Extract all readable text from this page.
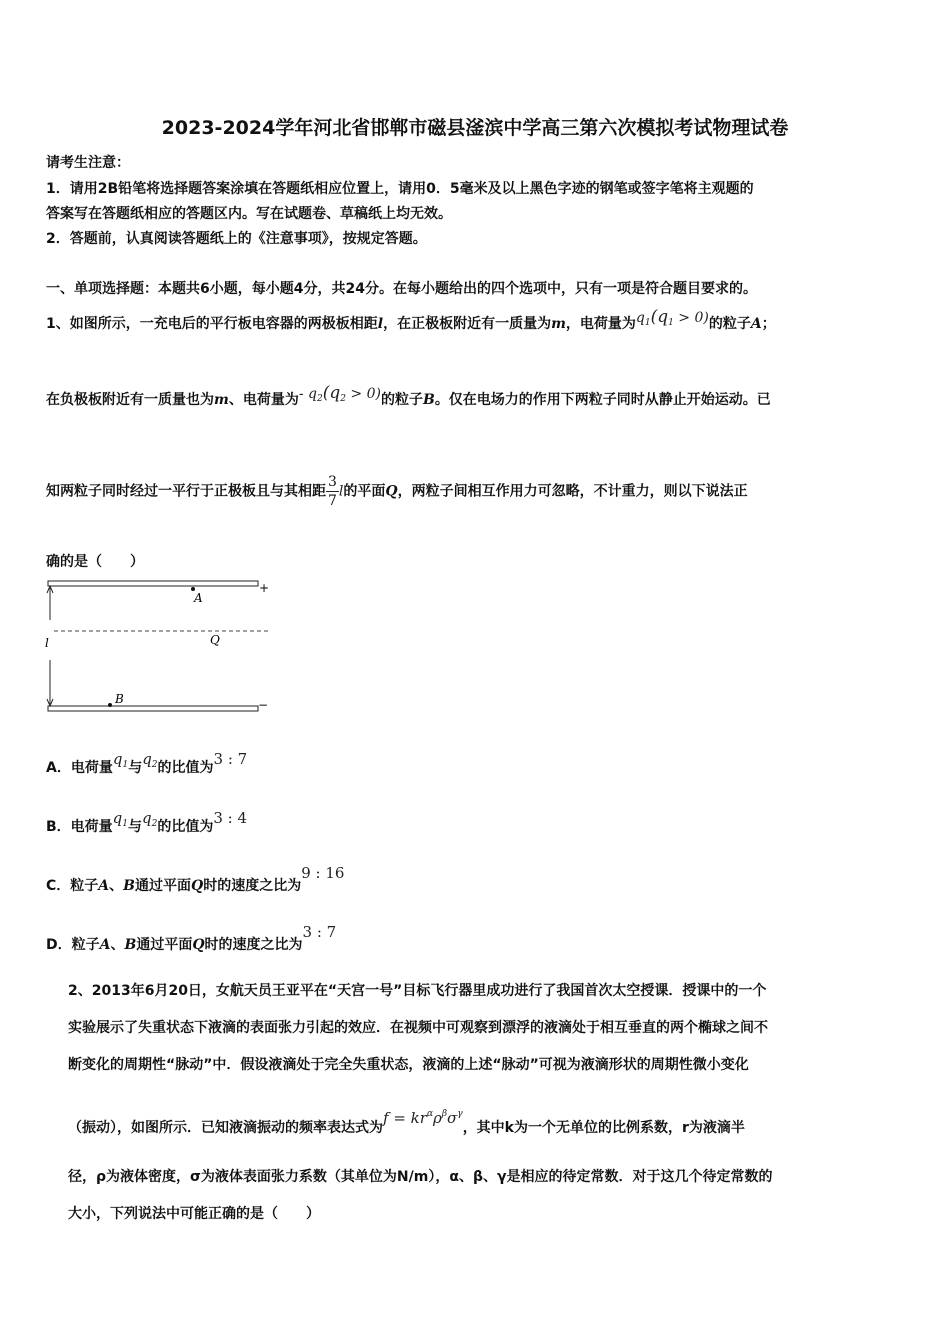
2023-2024学年河北省邯郸市磁县滏滨中学高三第六次模拟考试物理试卷
请考生注意：
1．请用2B铅笔将选择题答案涂填在答题纸相应位置上，请用0．5毫米及以上黑色字迹的钢笔或签字笔将主观题的
答案写在答题纸相应的答题区内。写在试题卷、草稿纸上均无效。
2．答题前，认真阅读答题纸上的《注意事项》，按规定答题。
一、单项选择题：本题共6小题，每小题4分，共24分。在每小题给出的四个选项中，只有一项是符合题目要求的。
1、如图所示，一充电后的平行板电容器的两极板相距l，在正极板附近有一质量为m，电荷量为$q_1(q_1 > 0)$的粒子A；
在负极板附近有一质量也为m、电荷量为- $q_2(q_2 > 0)$的粒子B。仅在电场力的作用下两粒子同时从静止开始运动。已
知两粒子同时经过一平行于正极板且与其相距 $\frac{3}{7}$ l的平面Q，两粒子间相互作用力可忽略，不计重力，则以下说法正
确的是（　　）
+
−
Q
l
A
B
A．电荷量$q_1$与$q_2$的比值为3 : 7
B．电荷量$q_1$与$q_2$的比值为3 : 4
C．粒子A、B通过平面Q时的速度之比为9 : 16
D．粒子A、B通过平面Q时的速度之比为3 : 7
2、2013年6月20日，女航天员王亚平在“天宫一号”目标飞行器里成功进行了我国首次太空授课．授课中的一个
实验展示了失重状态下液滴的表面张力引起的效应．在视频中可观察到漂浮的液滴处于相互垂直的两个椭球之间不
断变化的周期性“脉动”中．假设液滴处于完全失重状态，液滴的上述“脉动”可视为液滴形状的周期性微小变化
（振动），如图所示．已知液滴振动的频率表达式为$f = kr^\alpha\rho^\beta\sigma^\gamma$，其中k为一个无单位的比例系数，r为液滴半
径，ρ为液体密度，σ为液体表面张力系数（其单位为N/m），α、β、γ是相应的待定常数．对于这几个待定常数的
大小，下列说法中可能正确的是（　　）
